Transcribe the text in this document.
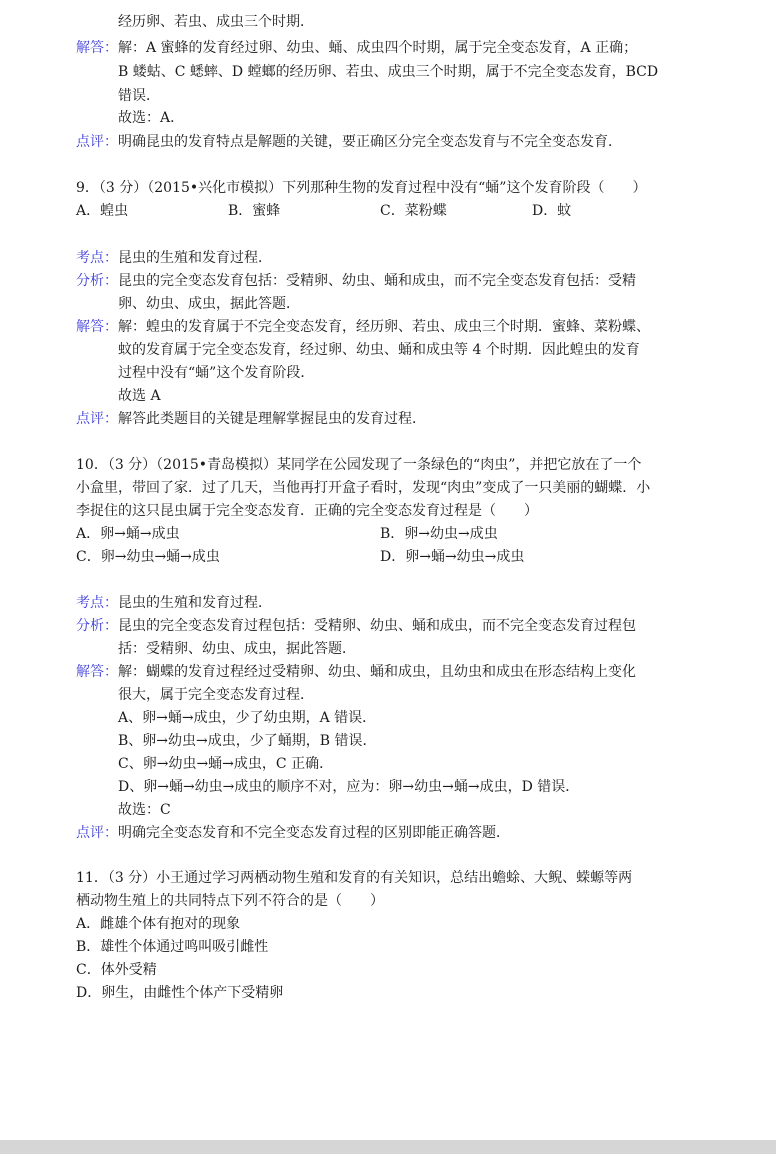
经历卵、若虫、成虫三个时期．
解答： 解：A 蜜蜂的发育经过卵、幼虫、蛹、成虫四个时期，属于完全变态发育，A 正确；
B 蝼蛄、C 蟋蟀、D 螳螂的经历卵、若虫、成虫三个时期，属于不完全变态发育，BCD
错误．
故选：A．
点评： 明确昆虫的发育特点是解题的关键，要正确区分完全变态发育与不完全变态发育．
9．（3 分）（2015•兴化市模拟）下列那种生物的发育过程中没有“蛹”这个发育阶段（　　）
A．蝗虫	B．蜜蜂	C．菜粉蝶	D．蚊
考点： 昆虫的生殖和发育过程．
分析： 昆虫的完全变态发育包括：受精卵、幼虫、蛹和成虫，而不完全变态发育包括：受精
卵、幼虫、成虫，据此答题．
解答： 解：蝗虫的发育属于不完全变态发育，经历卵、若虫、成虫三个时期．蜜蜂、菜粉蝶、
蚊的发育属于完全变态发育，经过卵、幼虫、蛹和成虫等 4 个时期．因此蝗虫的发育
过程中没有“蛹”这个发育阶段．
故选 A
点评： 解答此类题目的关键是理解掌握昆虫的发育过程．
10．（3 分）（2015•青岛模拟）某同学在公园发现了一条绿色的“肉虫”，并把它放在了一个
小盒里，带回了家．过了几天，当他再打开盒子看时，发现“肉虫”变成了一只美丽的蝴蝶．小
李捉住的这只昆虫属于完全变态发育．正确的完全变态发育过程是（　　）
A．卵→蛹→成虫	B．卵→幼虫→成虫
C．卵→幼虫→蛹→成虫	D．卵→蛹→幼虫→成虫
考点： 昆虫的生殖和发育过程．
分析： 昆虫的完全变态发育过程包括：受精卵、幼虫、蛹和成虫，而不完全变态发育过程包
括：受精卵、幼虫、成虫，据此答题．
解答： 解：蝴蝶的发育过程经过受精卵、幼虫、蛹和成虫，且幼虫和成虫在形态结构上变化
很大，属于完全变态发育过程．
A、卵→蛹→成虫，少了幼虫期，A 错误．
B、卵→幼虫→成虫，少了蛹期，B 错误．
C、卵→幼虫→蛹→成虫，C 正确．
D、卵→蛹→幼虫→成虫的顺序不对，应为：卵→幼虫→蛹→成虫，D 错误．
故选：C
点评： 明确完全变态发育和不完全变态发育过程的区别即能正确答题．
11．（3 分）小王通过学习两栖动物生殖和发育的有关知识，总结出蟾蜍、大鲵、蝾螈等两
栖动物生殖上的共同特点下列不符合的是（　　）
A．雌雄个体有抱对的现象
B．雄性个体通过鸣叫吸引雌性
C．体外受精
D．卵生，由雌性个体产下受精卵
